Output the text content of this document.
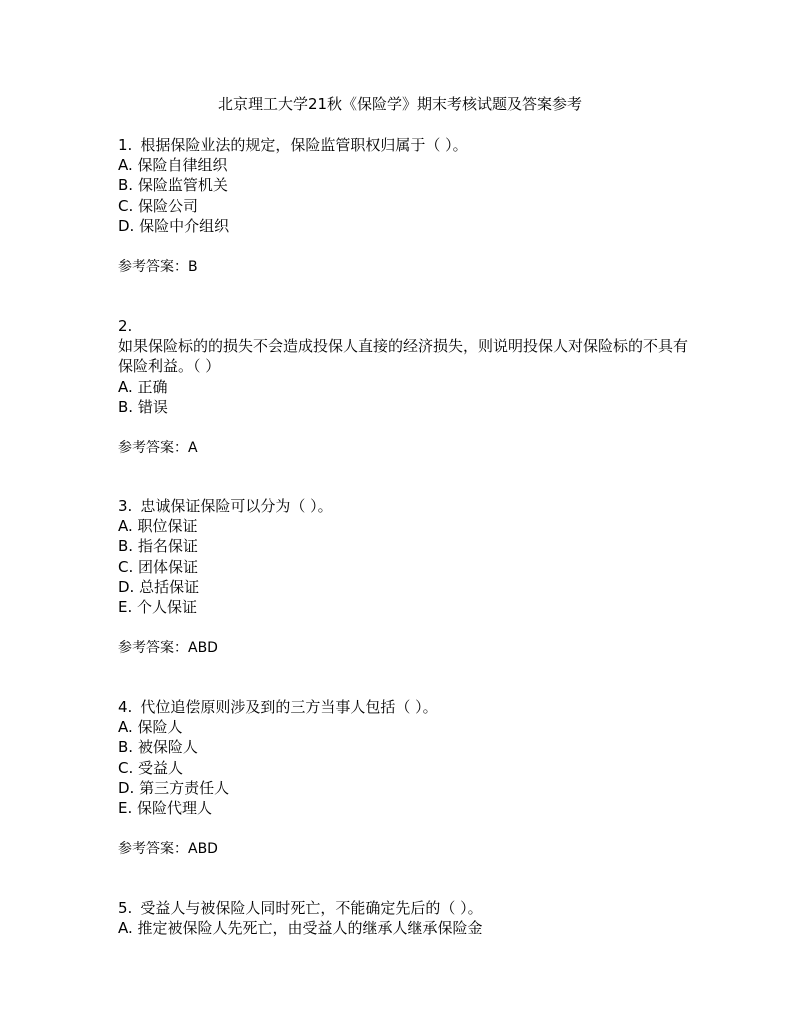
北京理工大学21秋《保险学》期末考核试题及答案参考
1. 根据保险业法的规定，保险监管职权归属于（ ）。
A. 保险自律组织
B. 保险监管机关
C. 保险公司
D. 保险中介组织
参考答案：B
2.
如果保险标的的损失不会造成投保人直接的经济损失，则说明投保人对保险标的不具有保险利益。（ ）
A. 正确
B. 错误
参考答案：A
3. 忠诚保证保险可以分为（ ）。
A. 职位保证
B. 指名保证
C. 团体保证
D. 总括保证
E. 个人保证
参考答案：ABD
4. 代位追偿原则涉及到的三方当事人包括（ ）。
A. 保险人
B. 被保险人
C. 受益人
D. 第三方责任人
E. 保险代理人
参考答案：ABD
5. 受益人与被保险人同时死亡，不能确定先后的（ ）。
A. 推定被保险人先死亡，由受益人的继承人继承保险金
